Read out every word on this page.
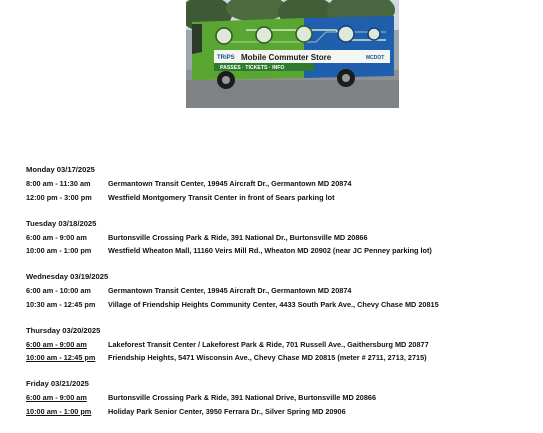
TRiPS Mobile Commuter Store	MCDOT
PASSES · TICKETS · INFO
Monday 03/17/2025
8:00 am - 11:30 am	Germantown Transit Center, 19945 Aircraft Dr., Germantown MD 20874
12:00 pm - 3:00 pm	Westfield Montgomery Transit Center in front of Sears parking lot
Tuesday 03/18/2025
6:00 am - 9:00 am	Burtonsville Crossing Park & Ride, 391 National Dr., Burtonsville MD 20866
10:00 am - 1:00 pm	Westfield Wheaton Mall, 11160 Veirs Mill Rd., Wheaton MD 20902 (near JC Penney parking lot)
Wednesday 03/19/2025
6:00 am - 10:00 am	Germantown Transit Center, 19945 Aircraft Dr., Germantown MD 20874
10:30 am - 12:45 pm	Village of Friendship Heights Community Center, 4433 South Park Ave., Chevy Chase MD 20815
Thursday 03/20/2025
6:00 am - 9:00 am	Lakeforest Transit Center / Lakeforest Park & Ride, 701 Russell Ave., Gaithersburg MD 20877
10:00 am - 12:45 pm	Friendship Heights, 5471 Wisconsin Ave., Chevy Chase MD 20815 (meter # 2711, 2713, 2715)
Friday 03/21/2025
6:00 am - 9:00 am	Burtonsville Crossing Park & Ride, 391 National Drive, Burtonsville MD 20866
10:00 am - 1:00 pm	Holiday Park Senior Center, 3950 Ferrara Dr., Silver Spring MD 20906
